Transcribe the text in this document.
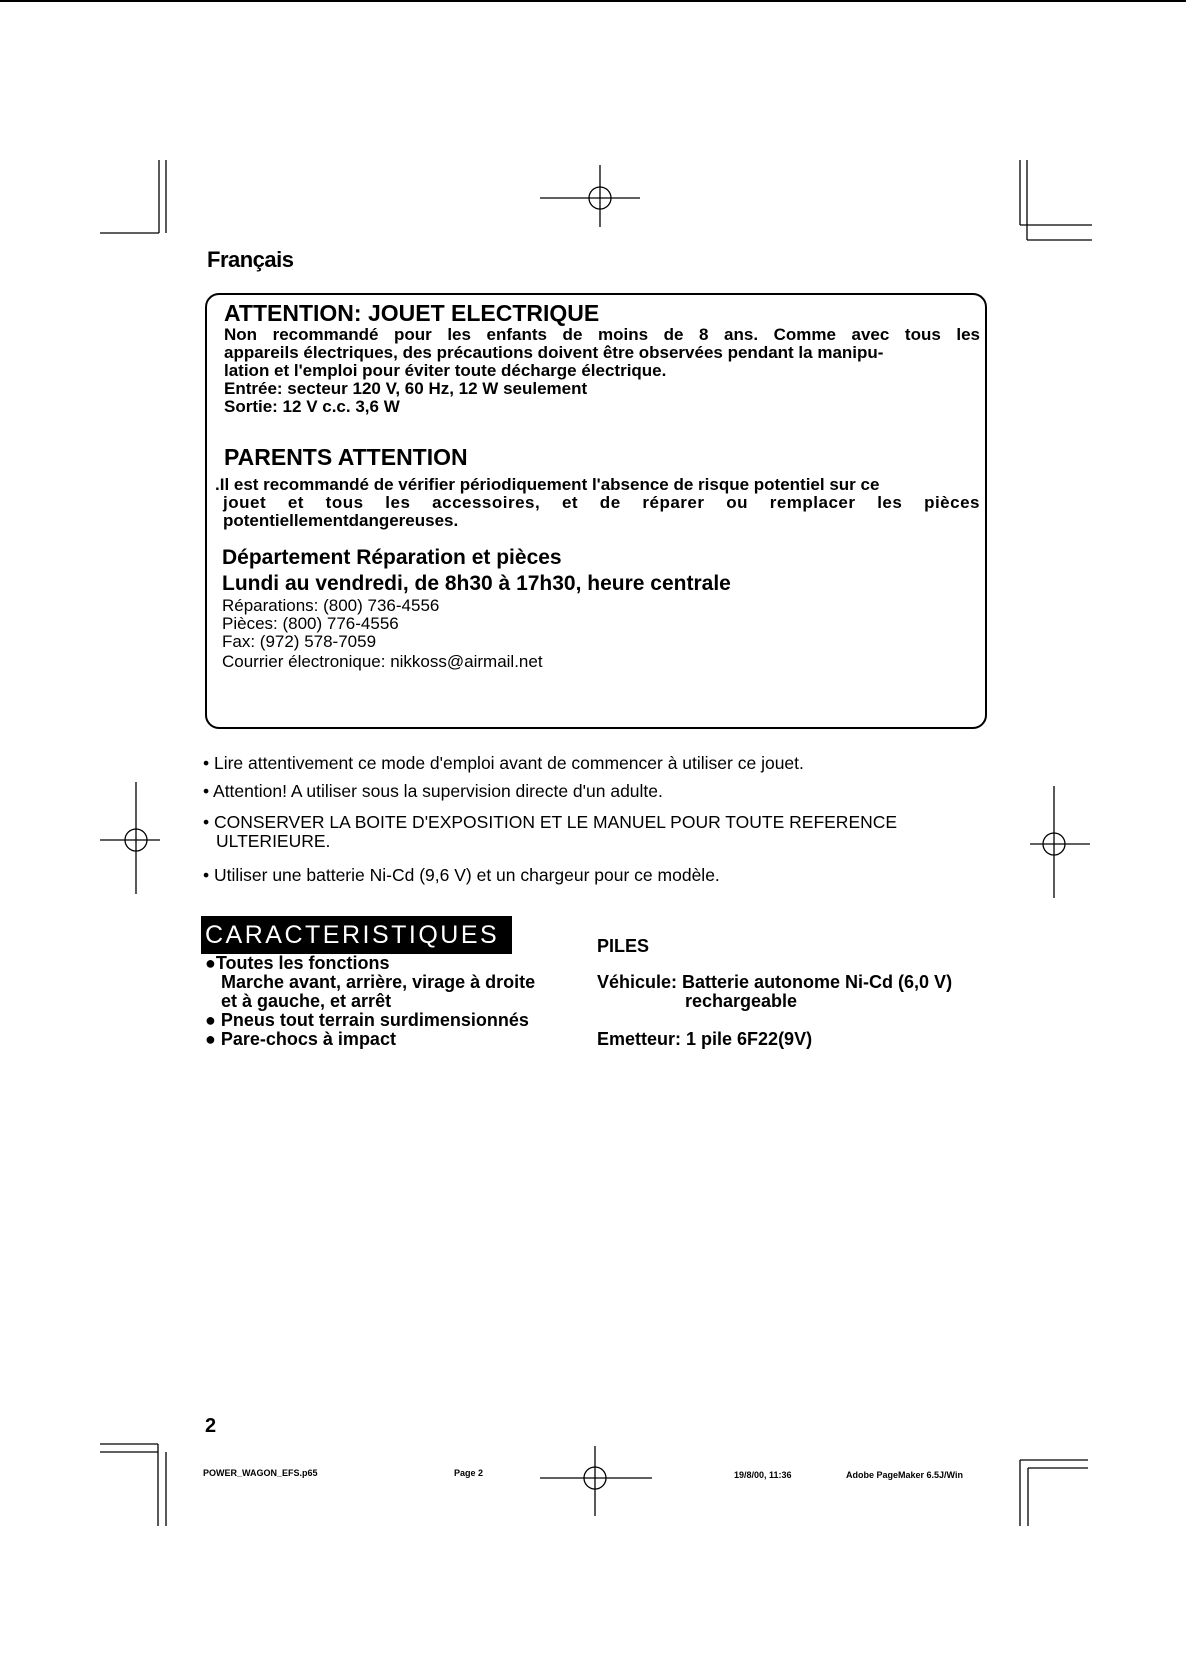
Français
ATTENTION: JOUET ELECTRIQUE
Non recommandé pour les enfants de moins de 8 ans. Comme avec tous les
appareils électriques, des précautions doivent être observées pendant la manipu-
lation et l'emploi pour éviter toute décharge électrique.
Entrée: secteur 120 V, 60 Hz, 12 W seulement
Sortie: 12 V c.c. 3,6 W
PARENTS ATTENTION
.Il est recommandé de vérifier périodiquement l'absence de risque potentiel sur ce
jouet et tous les accessoires, et de réparer ou remplacer les pièces
potentiellementdangereuses.
Département Réparation et pièces
Lundi au vendredi, de 8h30 à 17h30, heure centrale
Réparations: (800) 736-4556
Pièces: (800) 776-4556
Fax: (972) 578-7059
Courrier électronique: nikkoss@airmail.net
• Lire attentivement ce mode d'emploi avant de commencer à utiliser ce jouet.
• Attention! A utiliser sous la supervision directe d'un adulte.
• CONSERVER LA BOITE D'EXPOSITION ET LE MANUEL POUR TOUTE REFERENCE
ULTERIEURE.
• Utiliser une batterie Ni-Cd (9,6 V) et un chargeur pour ce modèle.
CARACTERISTIQUES
●Toutes les fonctions
Marche avant, arrière, virage à droite
et à gauche, et arrêt
● Pneus tout terrain surdimensionnés
● Pare-chocs à impact
PILES
Véhicule: Batterie autonome Ni-Cd (6,0 V)
rechargeable
Emetteur: 1 pile 6F22(9V)
2
POWER_WAGON_EFS.p65	Page 2	19/8/00, 11:36	Adobe PageMaker 6.5J/Win
